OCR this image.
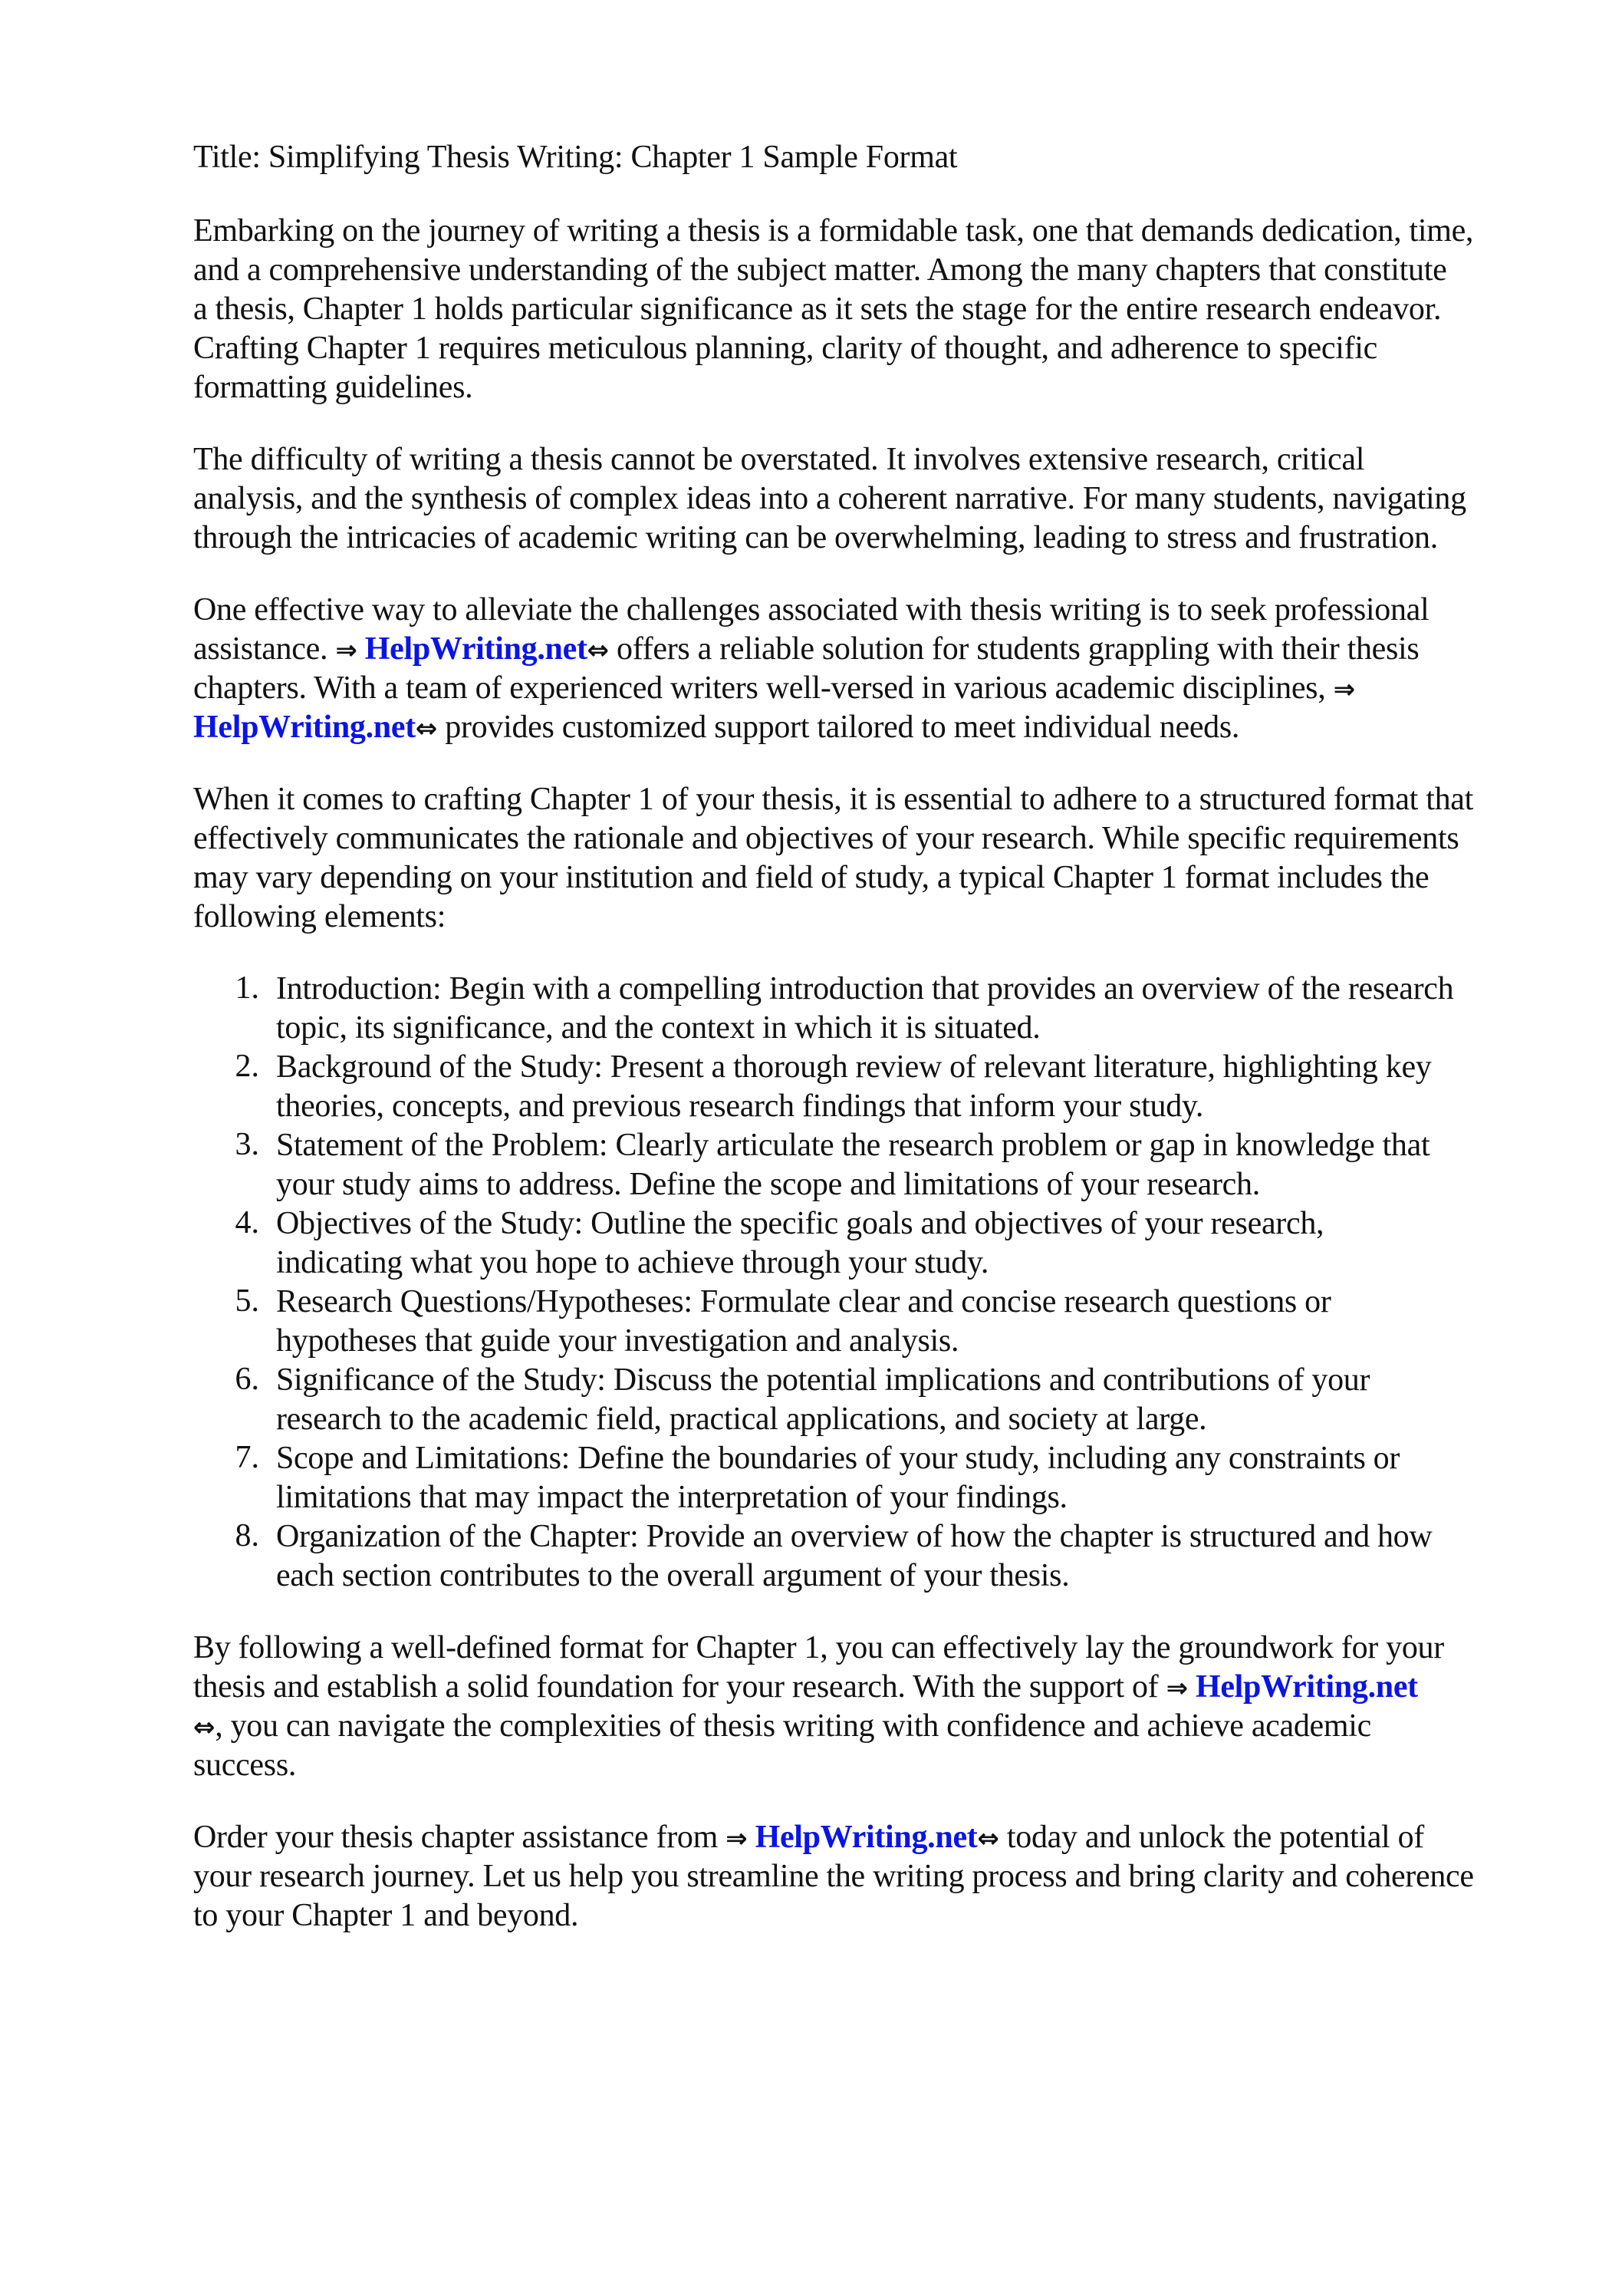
Title: Simplifying Thesis Writing: Chapter 1 Sample Format
Embarking on the journey of writing a thesis is a formidable task, one that demands dedication, time,
and a comprehensive understanding of the subject matter. Among the many chapters that constitute
a thesis, Chapter 1 holds particular significance as it sets the stage for the entire research endeavor.
Crafting Chapter 1 requires meticulous planning, clarity of thought, and adherence to specific
formatting guidelines.
The difficulty of writing a thesis cannot be overstated. It involves extensive research, critical
analysis, and the synthesis of complex ideas into a coherent narrative. For many students, navigating
through the intricacies of academic writing can be overwhelming, leading to stress and frustration.
One effective way to alleviate the challenges associated with thesis writing is to seek professional
assistance. ⇒ HelpWriting.net⇔ offers a reliable solution for students grappling with their thesis
chapters. With a team of experienced writers well-versed in various academic disciplines, ⇒
HelpWriting.net⇔ provides customized support tailored to meet individual needs.
When it comes to crafting Chapter 1 of your thesis, it is essential to adhere to a structured format that
effectively communicates the rationale and objectives of your research. While specific requirements
may vary depending on your institution and field of study, a typical Chapter 1 format includes the
following elements:
1. Introduction: Begin with a compelling introduction that provides an overview of the research
topic, its significance, and the context in which it is situated.
2. Background of the Study: Present a thorough review of relevant literature, highlighting key
theories, concepts, and previous research findings that inform your study.
3. Statement of the Problem: Clearly articulate the research problem or gap in knowledge that
your study aims to address. Define the scope and limitations of your research.
4. Objectives of the Study: Outline the specific goals and objectives of your research,
indicating what you hope to achieve through your study.
5. Research Questions/Hypotheses: Formulate clear and concise research questions or
hypotheses that guide your investigation and analysis.
6. Significance of the Study: Discuss the potential implications and contributions of your
research to the academic field, practical applications, and society at large.
7. Scope and Limitations: Define the boundaries of your study, including any constraints or
limitations that may impact the interpretation of your findings.
8. Organization of the Chapter: Provide an overview of how the chapter is structured and how
each section contributes to the overall argument of your thesis.
By following a well-defined format for Chapter 1, you can effectively lay the groundwork for your
thesis and establish a solid foundation for your research. With the support of ⇒ HelpWriting.net
⇔, you can navigate the complexities of thesis writing with confidence and achieve academic
success.
Order your thesis chapter assistance from ⇒ HelpWriting.net⇔ today and unlock the potential of
your research journey. Let us help you streamline the writing process and bring clarity and coherence
to your Chapter 1 and beyond.
